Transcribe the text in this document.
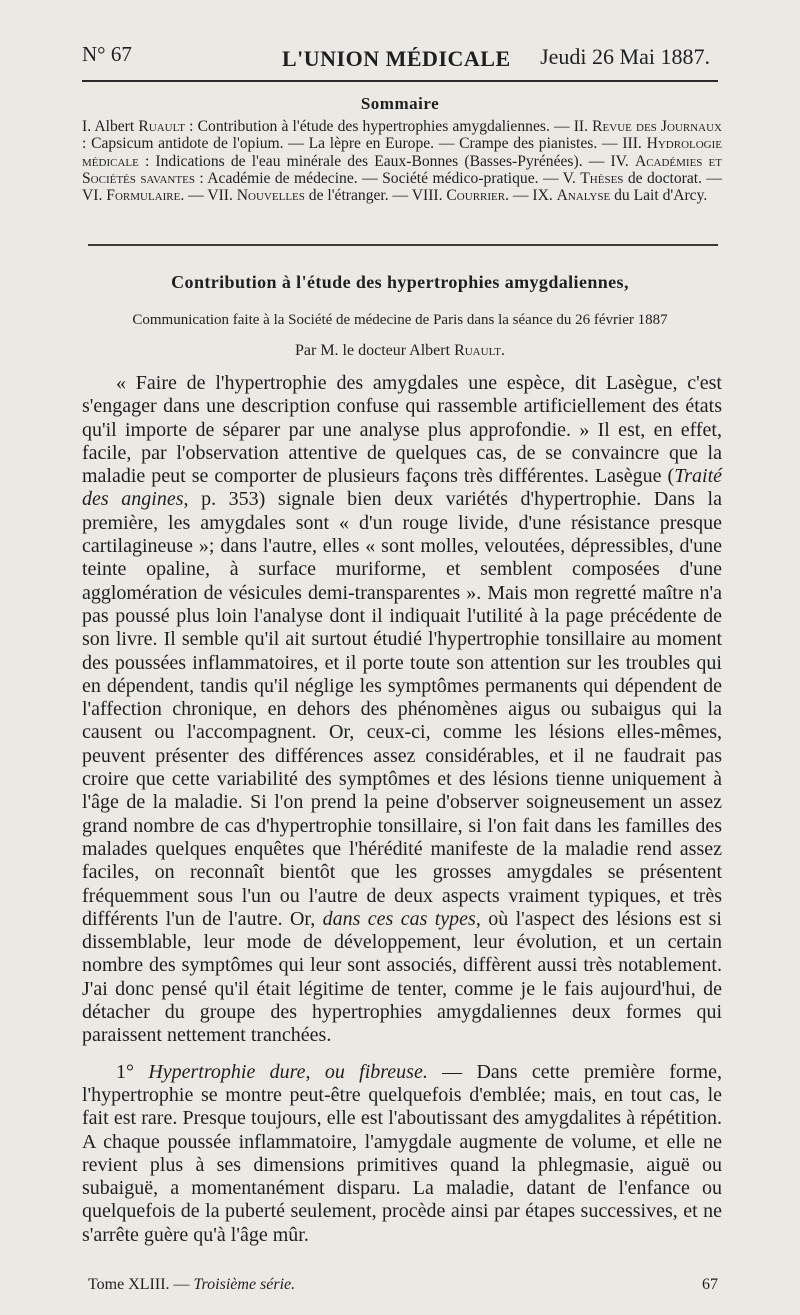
N° 67	L'UNION MÉDICALE Jeudi 26 Mai 1887.
Sommaire
I. Albert Ruault : Contribution à l'étude des hypertrophies amygdaliennes. — II. Revue des Journaux : Capsicum antidote de l'opium. — La lèpre en Europe. — Crampe des pianistes. — III. Hydrologie médicale : Indications de l'eau minérale des Eaux-Bonnes (Basses-Pyrénées). — IV. Académies et Sociétés savantes : Académie de médecine. — Société médico-pratique. — V. Thèses de doctorat. — VI. Formulaire. — VII. Nouvelles de l'étranger. — VIII. Courrier. — IX. Analyse du Lait d'Arcy.
Contribution à l'étude des hypertrophies amygdaliennes,
Communication faite à la Société de médecine de Paris dans la séance du 26 février 1887
Par M. le docteur Albert Ruault.

« Faire de l'hypertrophie des amygdales une espèce, dit Lasègue, c'est s'engager dans une description confuse qui rassemble artificiellement des états qu'il importe de séparer par une analyse plus approfondie. » Il est, en effet, facile, par l'observation attentive de quelques cas, de se convaincre que la maladie peut se comporter de plusieurs façons très différentes. Lasègue (Traité des angines, p. 353) signale bien deux variétés d'hypertrophie. Dans la première, les amygdales sont « d'un rouge livide, d'une résistance presque cartilagineuse »; dans l'autre, elles « sont molles, veloutées, dépressibles, d'une teinte opaline, à surface muriforme, et semblent composées d'une agglomération de vésicules demi-transparentes ». Mais mon regretté maître n'a pas poussé plus loin l'analyse dont il indiquait l'utilité à la page précédente de son livre. Il semble qu'il ait surtout étudié l'hypertrophie tonsillaire au moment des poussées inflammatoires, et il porte toute son attention sur les troubles qui en dépendent, tandis qu'il néglige les symptômes permanents qui dépendent de l'affection chronique, en dehors des phénomènes aigus ou subaigus qui la causent ou l'accompagnent. Or, ceux-ci, comme les lésions elles-mêmes, peuvent présenter des différences assez considérables, et il ne faudrait pas croire que cette variabilité des symptômes et des lésions tienne uniquement à l'âge de la maladie. Si l'on prend la peine d'observer soigneusement un assez grand nombre de cas d'hypertrophie tonsillaire, si l'on fait dans les familles des malades quelques enquêtes que l'hérédité manifeste de la maladie rend assez faciles, on reconnaît bientôt que les grosses amygdales se présentent fréquemment sous l'un ou l'autre de deux aspects vraiment typiques, et très différents l'un de l'autre. Or, dans ces cas types, où l'aspect des lésions est si dissemblable, leur mode de développement, leur évolution, et un certain nombre des symptômes qui leur sont associés, diffèrent aussi très notablement. J'ai donc pensé qu'il était légitime de tenter, comme je le fais aujourd'hui, de détacher du groupe des hypertrophies amygdaliennes deux formes qui paraissent nettement tranchées.

1° Hypertrophie dure, ou fibreuse. — Dans cette première forme, l'hypertrophie se montre peut-être quelquefois d'emblée; mais, en tout cas, le fait est rare. Presque toujours, elle est l'aboutissant des amygdalites à répétition. A chaque poussée inflammatoire, l'amygdale augmente de volume, et elle ne revient plus à ses dimensions primitives quand la phlegmasie, aiguë ou subaiguë, a momentanément disparu. La maladie, datant de l'enfance ou quelquefois de la puberté seulement, procède ainsi par étapes successives, et ne s'arrête guère qu'à l'âge mûr.

Tome XLIII. — Troisième série.	67
